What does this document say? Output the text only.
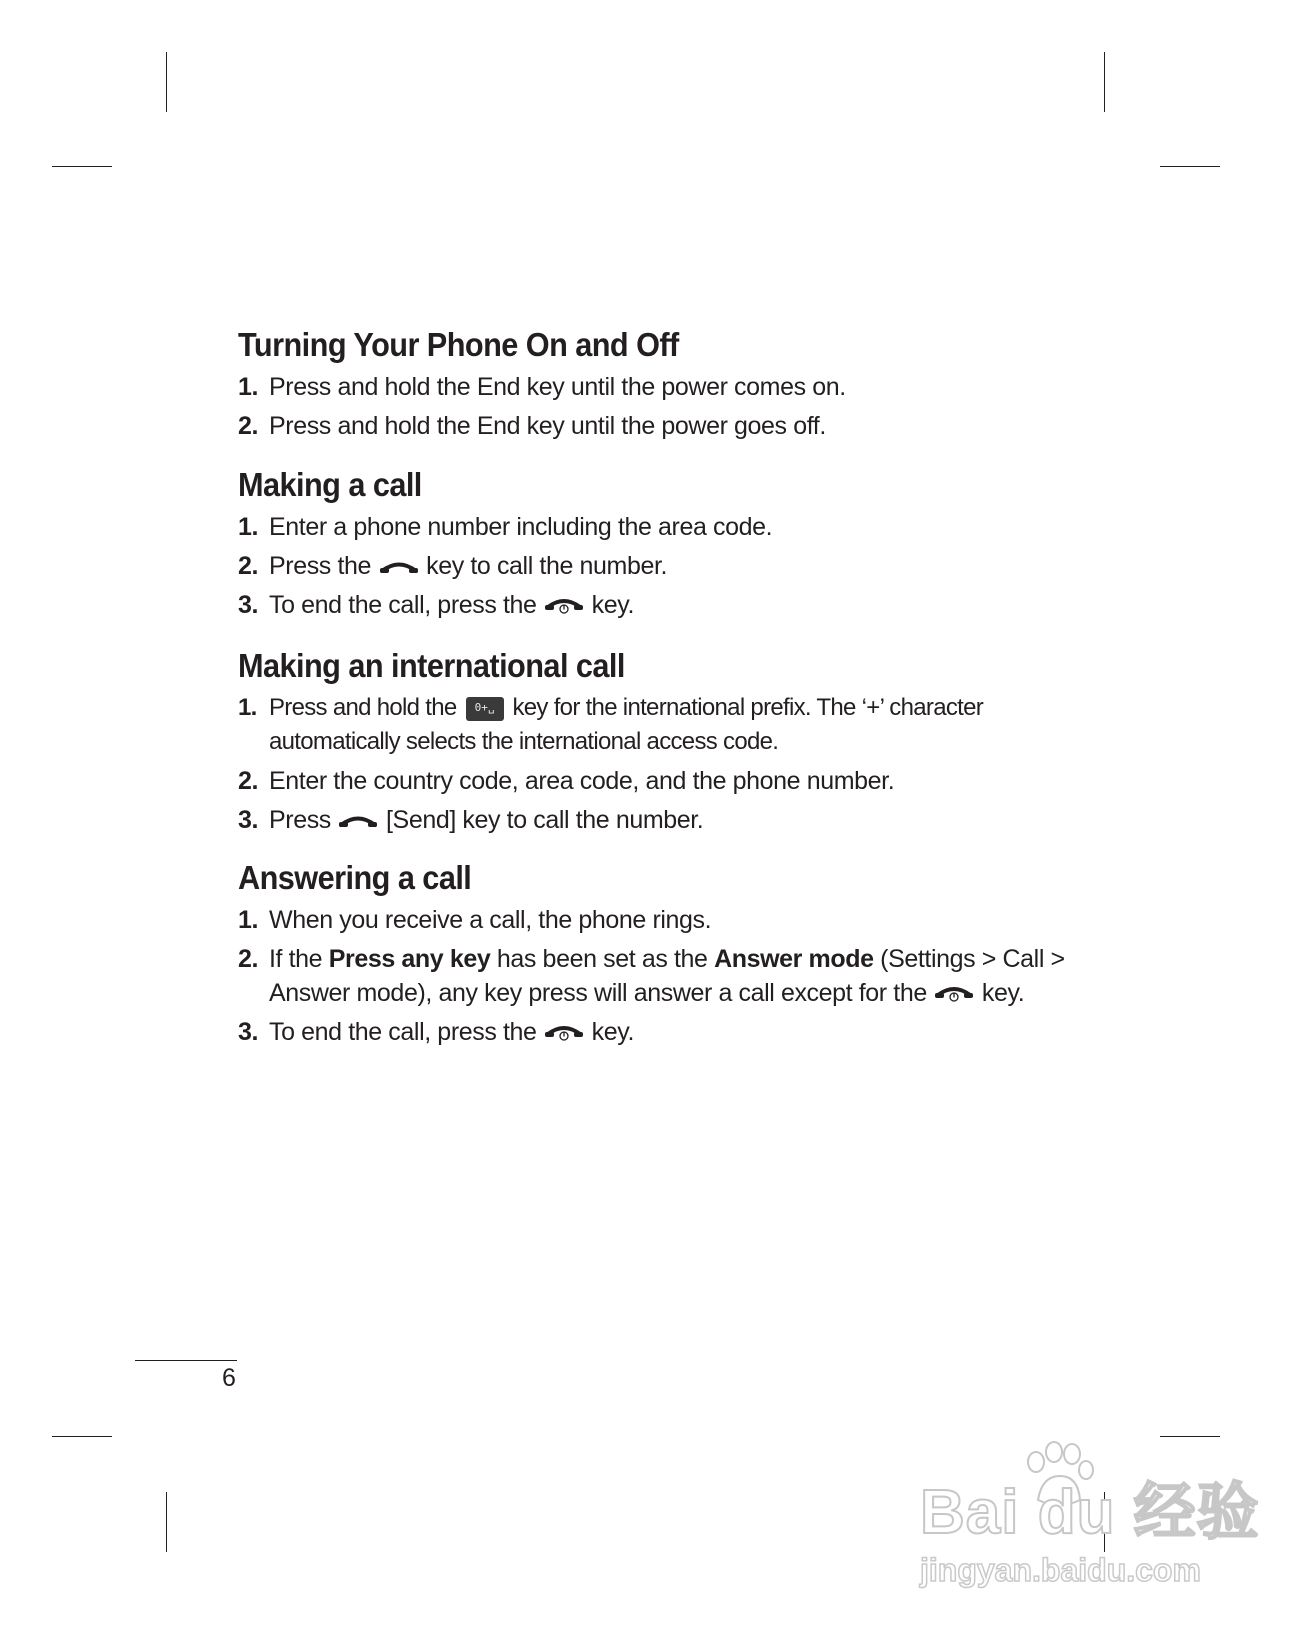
Turning Your Phone On and Off
1. Press and hold the End key until the power comes on.
2. Press and hold the End key until the power goes off.
Making a call
1. Enter a phone number including the area code.
2. Press the key to call the number.
3. To end the call, press the key.
Making an international call
1. Press and hold the	0+␣ key for the international prefix. The ‘+’ character automatically selects the international access code.
2. Enter the country code, area code, and the phone number.
3. Press [Send] key to call the number.
Answering a call
1. When you receive a call, the phone rings.
2. If the Press any key has been set as the Answer mode (Settings > Call > Answer mode), any key press will answer a call except for the key.
3. To end the call, press the key.
6
Bai du 经验
jingyan.baidu.com
